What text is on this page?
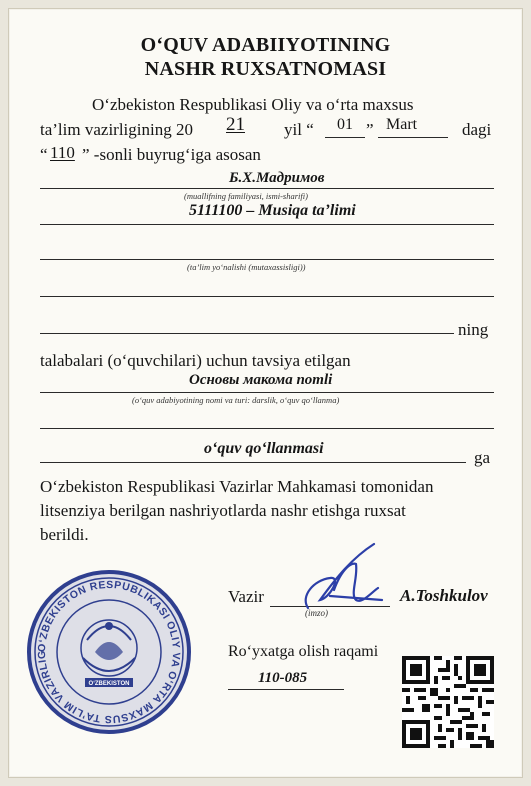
O‘QUV ADABIIYOTINING
NASHR RUXSATNOMASI
O‘zbekiston Respublikasi Oliy va o‘rta maxsus
ta’lim vazirligining 20 21 yil “ 01 ” Mart	dagi
“ 110 ” -sonli buyrug‘iga asosan
Б.Х.Мадримов
(muallifning familiyasi, ismi-sharifi)
5111100 – Musiqa ta’limi
(ta’lim yo‘nalishi (mutaxassisligi))
ning
talabalari (o‘quvchilari) uchun tavsiya etilgan
Основы макома nomli
(o‘quv adabiyotining nomi va turi: darslik, o‘quv qo‘llanma)
o‘quv qo‘llanmasi	ga
O‘zbekiston Respublikasi Vazirlar Mahkamasi tomonidan
litsenziya berilgan nashriyotlarda nashr etishga ruxsat
berildi.
O‘ZBEKISTON RESPUBLIKASI OLIY VA O‘RTA MAXSUS TA’LIM VAZIRLIG
O‘ZBEKISTON
Vazir
(imzo)
A.Toshkulov
Ro‘yxatga olish raqami
110-085
